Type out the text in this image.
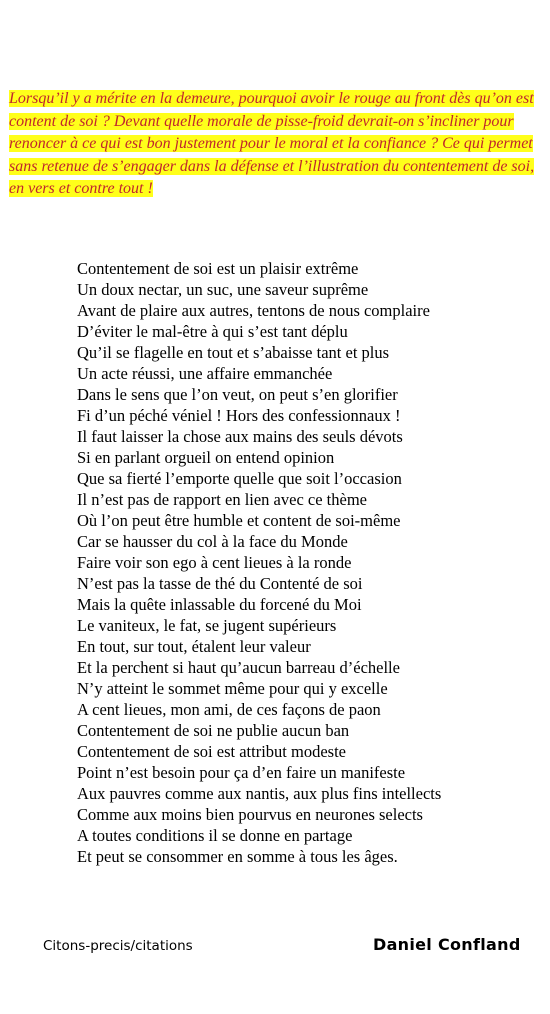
Lorsqu’il y a mérite en la demeure, pourquoi avoir le rouge au front dès qu’on est content de soi ? Devant quelle morale de pisse-froid devrait-on s’incliner pour renoncer à ce qui est bon justement pour le moral et la confiance ? Ce qui permet sans retenue de s’engager dans la défense et l’illustration du contentement de soi, en vers et contre tout !

Contentement de soi est un plaisir extrême
Un doux nectar, un suc, une saveur suprême
Avant de plaire aux autres, tentons de nous complaire
D’éviter le mal-être à qui s’est tant déplu
Qu’il se flagelle en tout et s’abaisse tant et plus
Un acte réussi, une affaire emmanchée
Dans le sens que l’on veut, on peut s’en glorifier
Fi d’un péché véniel ! Hors des confessionnaux !
Il faut laisser la chose aux mains des seuls dévots
Si en parlant orgueil on entend opinion
Que sa fierté l’emporte quelle que soit l’occasion
Il n’est pas de rapport en lien avec ce thème
Où l’on peut être humble et content de soi-même
Car se hausser du col à la face du Monde
Faire voir son ego à cent lieues à la ronde
N’est pas la tasse de thé du Contenté de soi
Mais la quête inlassable du forcené du Moi
Le vaniteux, le fat, se jugent supérieurs
En tout, sur tout, étalent leur valeur
Et la perchent si haut qu’aucun barreau d’échelle
N’y atteint le sommet même pour qui y excelle
A cent lieues, mon ami, de ces façons de paon
Contentement de soi ne publie aucun ban
Contentement de soi est attribut modeste
Point n’est besoin pour ça d’en faire un manifeste
Aux pauvres comme aux nantis, aux plus fins intellects
Comme aux moins bien pourvus en neurones selects
A toutes conditions il se donne en partage
Et peut se consommer en somme à tous les âges.
Citons-precis/citations	Daniel Confland
